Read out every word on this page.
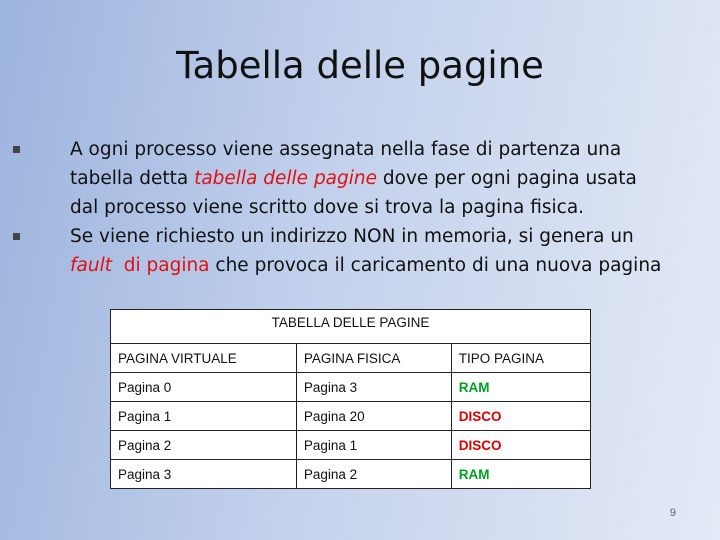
Tabella delle pagine
A ogni processo viene assegnata nella fase di partenza una tabella detta tabella delle pagine dove per ogni pagina usata dal processo viene scritto dove si trova la pagina fisica.
Se viene richiesto un indirizzo NON in memoria, si genera un fault di pagina che provoca il caricamento di una nuova pagina
TABELLA DELLE PAGINE		
PAGINA VIRTUALE	PAGINA FISICA	TIPO PAGINA
Pagina 0	Pagina 3	RAM
Pagina 1	Pagina 20	DISCO
Pagina 2	Pagina 1	DISCO
Pagina 3	Pagina 2	RAM
9
